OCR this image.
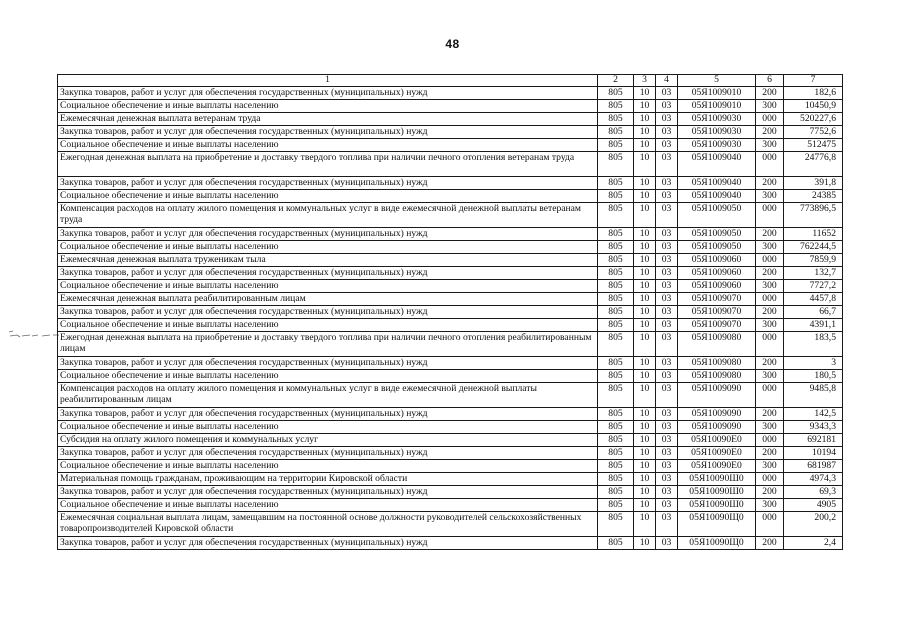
48
1	2	3	4	5	6	7
Закупка товаров, работ и услуг для обеспечения государственных (муниципальных) нужд	805	10	03	05Я1009010	200	182,6
Социальное обеспечение и иные выплаты населению	805	10	03	05Я1009010	300	10450,9
Ежемесячная денежная выплата ветеранам труда	805	10	03	05Я1009030	000	520227,6
Закупка товаров, работ и услуг для обеспечения государственных (муниципальных) нужд	805	10	03	05Я1009030	200	7752,6
Социальное обеспечение и иные выплаты населению	805	10	03	05Я1009030	300	512475
Ежегодная денежная выплата на приобретение и доставку твердого топлива при наличии печного отопления ветеранам труда	805	10	03	05Я1009040	000	24776,8
Закупка товаров, работ и услуг для обеспечения государственных (муниципальных) нужд	805	10	03	05Я1009040	200	391,8
Социальное обеспечение и иные выплаты населению	805	10	03	05Я1009040	300	24385
Компенсация расходов на оплату жилого помещения и коммунальных услуг в виде ежемесячной денежной выплаты ветеранам труда	805	10	03	05Я1009050	000	773896,5
Закупка товаров, работ и услуг для обеспечения государственных (муниципальных) нужд	805	10	03	05Я1009050	200	11652
Социальное обеспечение и иные выплаты населению	805	10	03	05Я1009050	300	762244,5
Ежемесячная денежная выплата труженикам тыла	805	10	03	05Я1009060	000	7859,9
Закупка товаров, работ и услуг для обеспечения государственных (муниципальных) нужд	805	10	03	05Я1009060	200	132,7
Социальное обеспечение и иные выплаты населению	805	10	03	05Я1009060	300	7727,2
Ежемесячная денежная выплата реабилитированным лицам	805	10	03	05Я1009070	000	4457,8
Закупка товаров, работ и услуг для обеспечения государственных (муниципальных) нужд	805	10	03	05Я1009070	200	66,7
Социальное обеспечение и иные выплаты населению	805	10	03	05Я1009070	300	4391,1
Ежегодная денежная выплата на приобретение и доставку твердого топлива при наличии печного отопления реабилитированным лицам	805	10	03	05Я1009080	000	183,5
Закупка товаров, работ и услуг для обеспечения государственных (муниципальных) нужд	805	10	03	05Я1009080	200	3
Социальное обеспечение и иные выплаты населению	805	10	03	05Я1009080	300	180,5
Компенсация расходов на оплату жилого помещения и коммунальных услуг в виде ежемесячной денежной выплаты реабилитированным лицам	805	10	03	05Я1009090	000	9485,8
Закупка товаров, работ и услуг для обеспечения государственных (муниципальных) нужд	805	10	03	05Я1009090	200	142,5
Социальное обеспечение и иные выплаты населению	805	10	03	05Я1009090	300	9343,3
Субсидия на оплату жилого помещения и коммунальных услуг	805	10	03	05Я10090Е0	000	692181
Закупка товаров, работ и услуг для обеспечения государственных (муниципальных) нужд	805	10	03	05Я10090Е0	200	10194
Социальное обеспечение и иные выплаты населению	805	10	03	05Я10090Е0	300	681987
Материальная помощь гражданам, проживающим на территории Кировской области	805	10	03	05Я10090Ш0	000	4974,3
Закупка товаров, работ и услуг для обеспечения государственных (муниципальных) нужд	805	10	03	05Я10090Ш0	200	69,3
Социальное обеспечение и иные выплаты населению	805	10	03	05Я10090Ш0	300	4905
Ежемесячная социальная выплата лицам, замещавшим на постоянной основе должности руководителей сельскохозяйственных товаропроизводителей Кировской области	805	10	03	05Я10090Щ0	000	200,2
Закупка товаров, работ и услуг для обеспечения государственных (муниципальных) нужд	805	10	03	05Я10090Щ0	200	2,4
